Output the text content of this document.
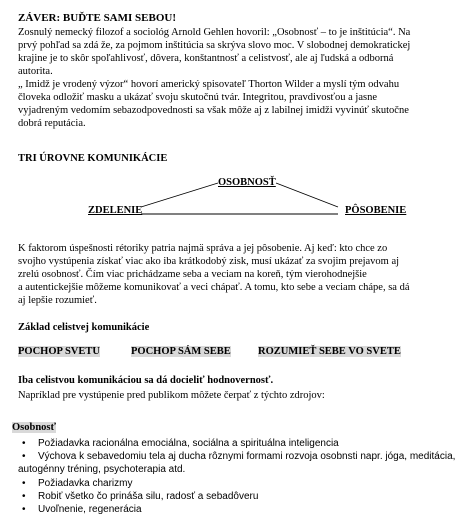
ZÁVER: BUĎTE SAMI SEBOU!
Zosnulý nemecký filozof a sociológ Arnold Gehlen hovoril: „Osobnosť – to je inštitúcia“. Na
prvý pohľad sa zdá že, za pojmom inštitúcia sa skrýva slovo moc. V slobodnej demokratickej
krajine je to skôr spoľahlivosť, dôvera, konštantnosť a celistvosť, ale aj ľudská a odborná
autorita.
„ Imidž je vrodený výzor“ hovorí americký spisovateľ Thorton Wilder a myslí tým odvahu
človeka odložiť masku a ukázať svoju skutočnú tvár. Integritou, pravdivosťou a jasne
vyjadreným vedomím sebazodpovednosti sa však môže aj z labilnej imidži vyvinúť skutočne
dobrá reputácia.
TRI ÚROVNE KOMUNIKÁCIE
OSOBNOSŤ
ZDELENIE	PÔSOBENIE
K faktorom úspešnosti rétoriky patria najmä správa a jej pôsobenie. Aj keď: kto chce zo
svojho vystúpenia získať viac ako iba krátkodobý zisk, musí ukázať za svojim prejavom aj
zrelú osobnosť. Čím viac prichádzame seba a veciam na koreň, tým vierohodnejšie
a autentickejšie môžeme komunikovať a veci chápať. A tomu, kto sebe a veciam chápe, sa dá
aj lepšie rozumieť.
Základ celistvej komunikácie
POCHOP SVETU	POCHOP SÁM SEBE	ROZUMIEŤ SEBE VO SVETE
Iba celistvou komunikáciou sa dá docieliť hodnovernosť.
Napríklad pre vystúpenie pred publikom môžete čerpať z týchto zdrojov:
Osobnosť
• Požiadavka racionálna emociálna, sociálna a spirituálna inteligencia
• Výchova k sebavedomiu tela aj ducha rôznymi formami rozvoja osobnsti napr. jóga, meditácia,
autogénny tréning, psychoterapia atd.
• Požiadavka charizmy
• Robiť všetko čo prináša silu, radosť a sebadôveru
• Uvoľnenie, regenerácia
